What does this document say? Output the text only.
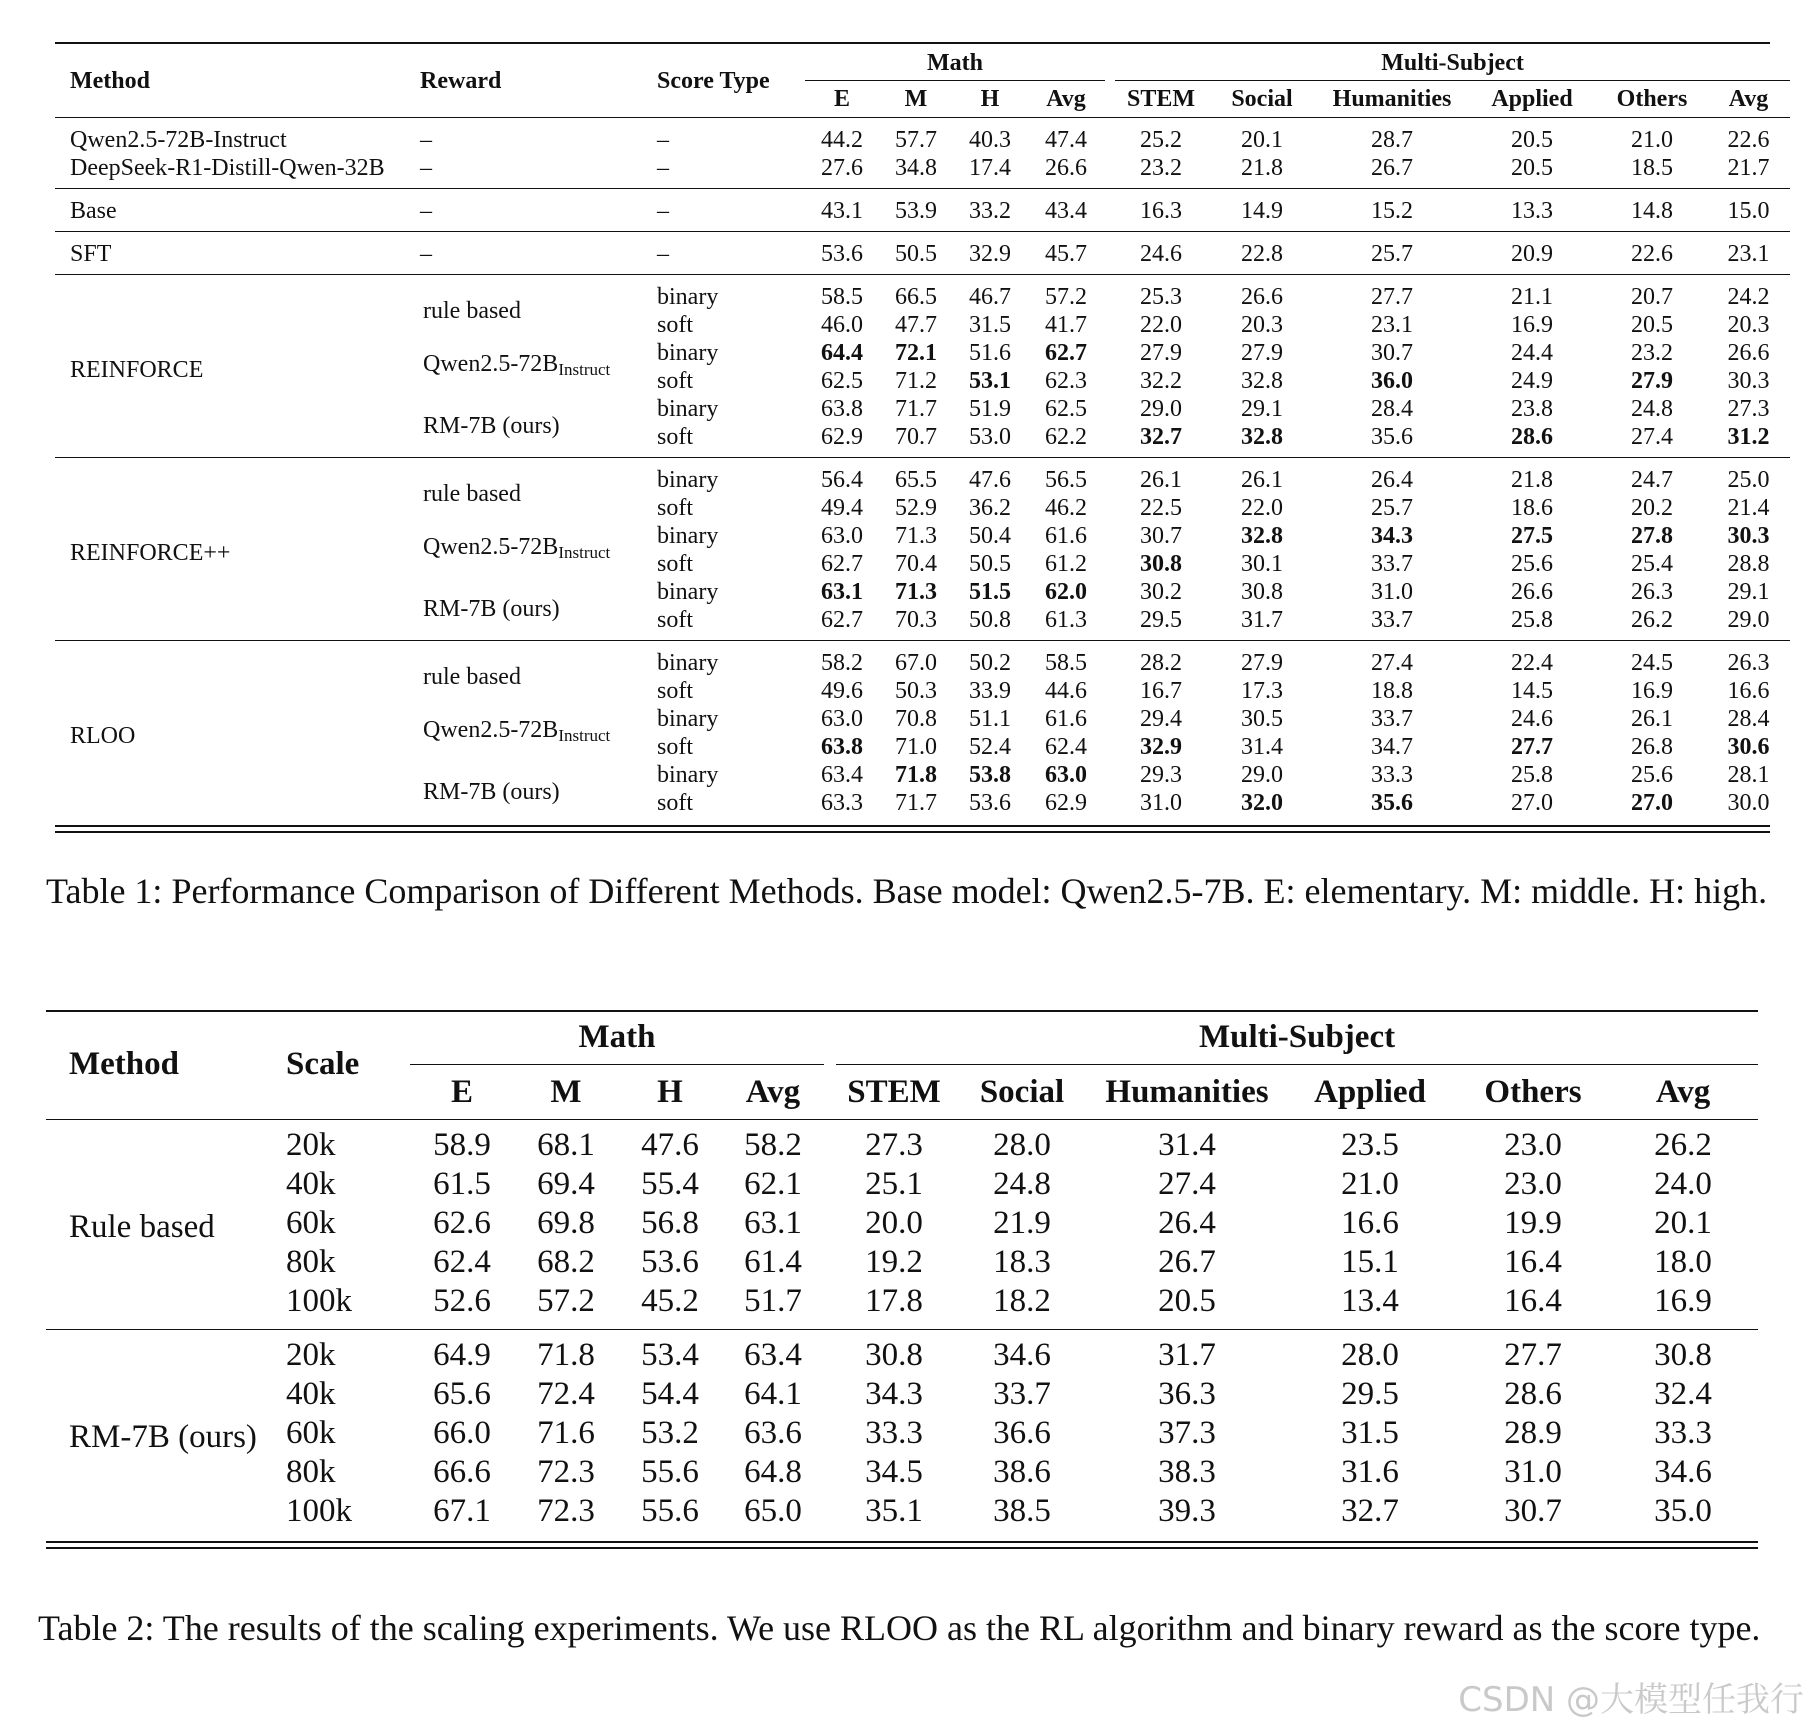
Method	Reward	Score Type	Math					Multi-Subject					
			E	M	H	Avg		STEM	Social	Humanities	Applied	Others	Avg
Qwen2.5-72B-Instruct	–	–	44.2	57.7	40.3	47.4		25.2	20.1	28.7	20.5	21.0	22.6
DeepSeek-R1-Distill-Qwen-32B	–	–	27.6	34.8	17.4	26.6		23.2	21.8	26.7	20.5	18.5	21.7
Base	–	–	43.1	53.9	33.2	43.4		16.3	14.9	15.2	13.3	14.8	15.0
SFT	–	–	53.6	50.5	32.9	45.7		24.6	22.8	25.7	20.9	22.6	23.1
REINFORCE	rule based	binary	58.5	66.5	46.7	57.2		25.3	26.6	27.7	21.1	20.7	24.2
		soft	46.0	47.7	31.5	41.7		22.0	20.3	23.1	16.9	20.5	20.3
	$Qwen2.5-72B_{Instruct}$	binary	64.4	72.1	51.6	62.7		27.9	27.9	30.7	24.4	23.2	26.6
		soft	62.5	71.2	53.1	62.3		32.2	32.8	36.0	24.9	27.9	30.3
	RM-7B (ours)	binary	63.8	71.7	51.9	62.5		29.0	29.1	28.4	23.8	24.8	27.3
		soft	62.9	70.7	53.0	62.2		32.7	32.8	35.6	28.6	27.4	31.2
REINFORCE++	rule based	binary	56.4	65.5	47.6	56.5		26.1	26.1	26.4	21.8	24.7	25.0
		soft	49.4	52.9	36.2	46.2		22.5	22.0	25.7	18.6	20.2	21.4
	$Qwen2.5-72B_{Instruct}$	binary	63.0	71.3	50.4	61.6		30.7	32.8	34.3	27.5	27.8	30.3
		soft	62.7	70.4	50.5	61.2		30.8	30.1	33.7	25.6	25.4	28.8
	RM-7B (ours)	binary	63.1	71.3	51.5	62.0		30.2	30.8	31.0	26.6	26.3	29.1
		soft	62.7	70.3	50.8	61.3		29.5	31.7	33.7	25.8	26.2	29.0
RLOO	rule based	binary	58.2	67.0	50.2	58.5		28.2	27.9	27.4	22.4	24.5	26.3
		soft	49.6	50.3	33.9	44.6		16.7	17.3	18.8	14.5	16.9	16.6
	$Qwen2.5-72B_{Instruct}$	binary	63.0	70.8	51.1	61.6		29.4	30.5	33.7	24.6	26.1	28.4
		soft	63.8	71.0	52.4	62.4		32.9	31.4	34.7	27.7	26.8	30.6
	RM-7B (ours)	binary	63.4	71.8	53.8	63.0		29.3	29.0	33.3	25.8	25.6	28.1
		soft	63.3	71.7	53.6	62.9		31.0	32.0	35.6	27.0	27.0	30.0
Table 1: Performance Comparison of Different Methods. Base model: Qwen2.5-7B. E: elementary. M: middle. H: high.
Method	Scale	Math					Multi-Subject					
		E	M	H	Avg		STEM	Social	Humanities	Applied	Others	Avg
Rule based	20k	58.9	68.1	47.6	58.2		27.3	28.0	31.4	23.5	23.0	26.2
	40k	61.5	69.4	55.4	62.1		25.1	24.8	27.4	21.0	23.0	24.0
	60k	62.6	69.8	56.8	63.1		20.0	21.9	26.4	16.6	19.9	20.1
	80k	62.4	68.2	53.6	61.4		19.2	18.3	26.7	15.1	16.4	18.0
	100k	52.6	57.2	45.2	51.7		17.8	18.2	20.5	13.4	16.4	16.9
RM-7B (ours)	20k	64.9	71.8	53.4	63.4		30.8	34.6	31.7	28.0	27.7	30.8
	40k	65.6	72.4	54.4	64.1		34.3	33.7	36.3	29.5	28.6	32.4
	60k	66.0	71.6	53.2	63.6		33.3	36.6	37.3	31.5	28.9	33.3
	80k	66.6	72.3	55.6	64.8		34.5	38.6	38.3	31.6	31.0	34.6
	100k	67.1	72.3	55.6	65.0		35.1	38.5	39.3	32.7	30.7	35.0
Table 2: The results of the scaling experiments. We use RLOO as the RL algorithm and binary reward as the score type.
CSDN @大模型任我行
